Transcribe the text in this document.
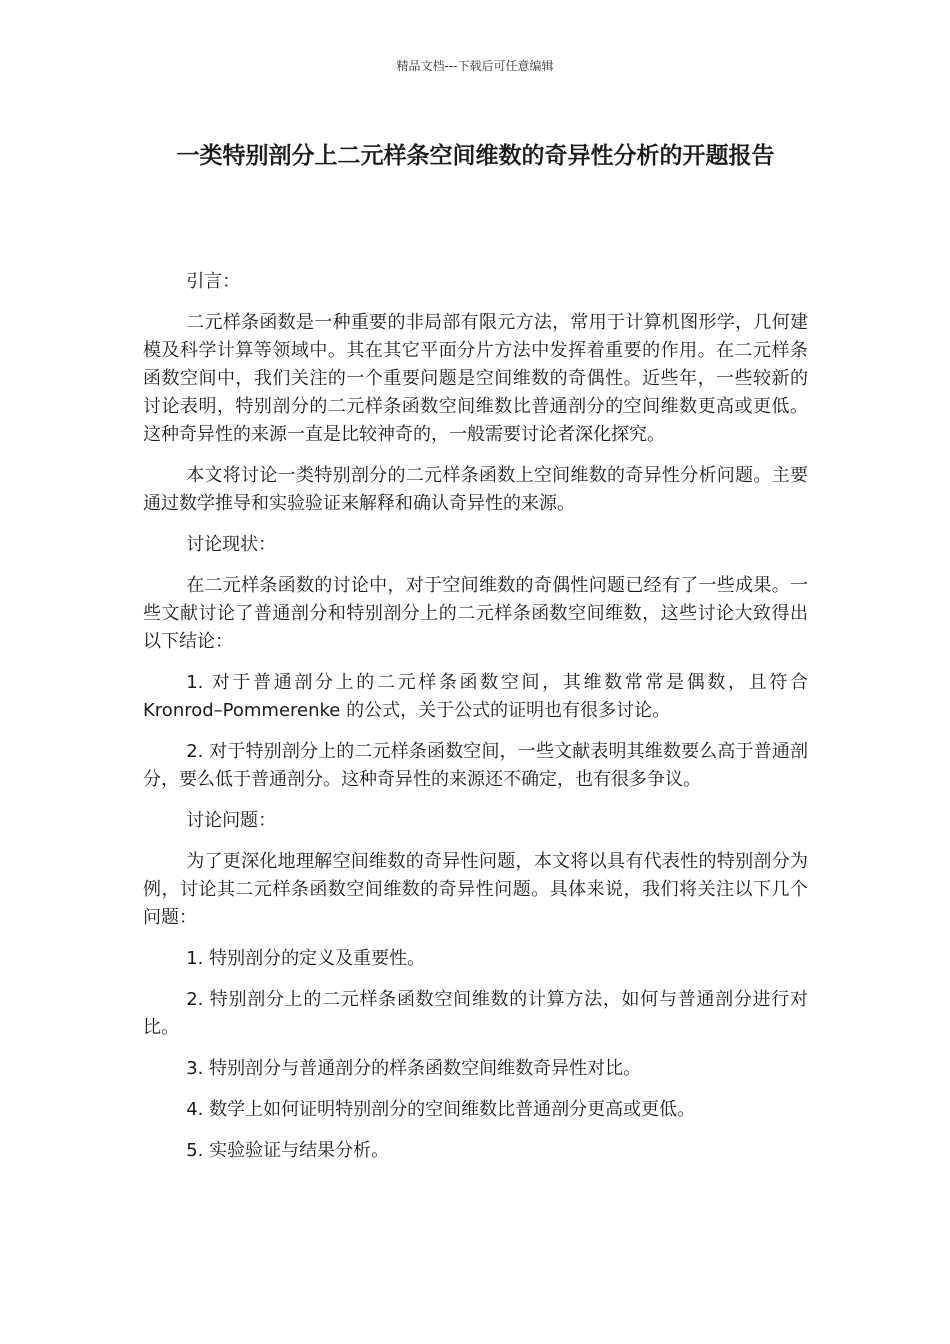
精品文档---下载后可任意编辑
一类特别剖分上二元样条空间维数的奇异性分析的开题报告

引言：

二元样条函数是一种重要的非局部有限元方法，常用于计算机图形学，几何建模及科学计算等领域中。其在其它平面分片方法中发挥着重要的作用。在二元样条函数空间中，我们关注的一个重要问题是空间维数的奇偶性。近些年，一些较新的讨论表明，特别剖分的二元样条函数空间维数比普通剖分的空间维数更高或更低。这种奇异性的来源一直是比较神奇的，一般需要讨论者深化探究。

本文将讨论一类特别剖分的二元样条函数上空间维数的奇异性分析问题。主要通过数学推导和实验验证来解释和确认奇异性的来源。

讨论现状：

在二元样条函数的讨论中，对于空间维数的奇偶性问题已经有了一些成果。一些文献讨论了普通剖分和特别剖分上的二元样条函数空间维数，这些讨论大致得出以下结论：

1. 对于普通剖分上的二元样条函数空间，其维数常常是偶数，且符合 Kronrod–Pommerenke 的公式，关于公式的证明也有很多讨论。

2. 对于特别剖分上的二元样条函数空间，一些文献表明其维数要么高于普通剖分，要么低于普通剖分。这种奇异性的来源还不确定，也有很多争议。

讨论问题：

为了更深化地理解空间维数的奇异性问题，本文将以具有代表性的特别剖分为例，讨论其二元样条函数空间维数的奇异性问题。具体来说，我们将关注以下几个问题：

1. 特别剖分的定义及重要性。

2. 特别剖分上的二元样条函数空间维数的计算方法，如何与普通剖分进行对比。

3. 特别剖分与普通剖分的样条函数空间维数奇异性对比。

4. 数学上如何证明特别剖分的空间维数比普通剖分更高或更低。

5. 实验验证与结果分析。
